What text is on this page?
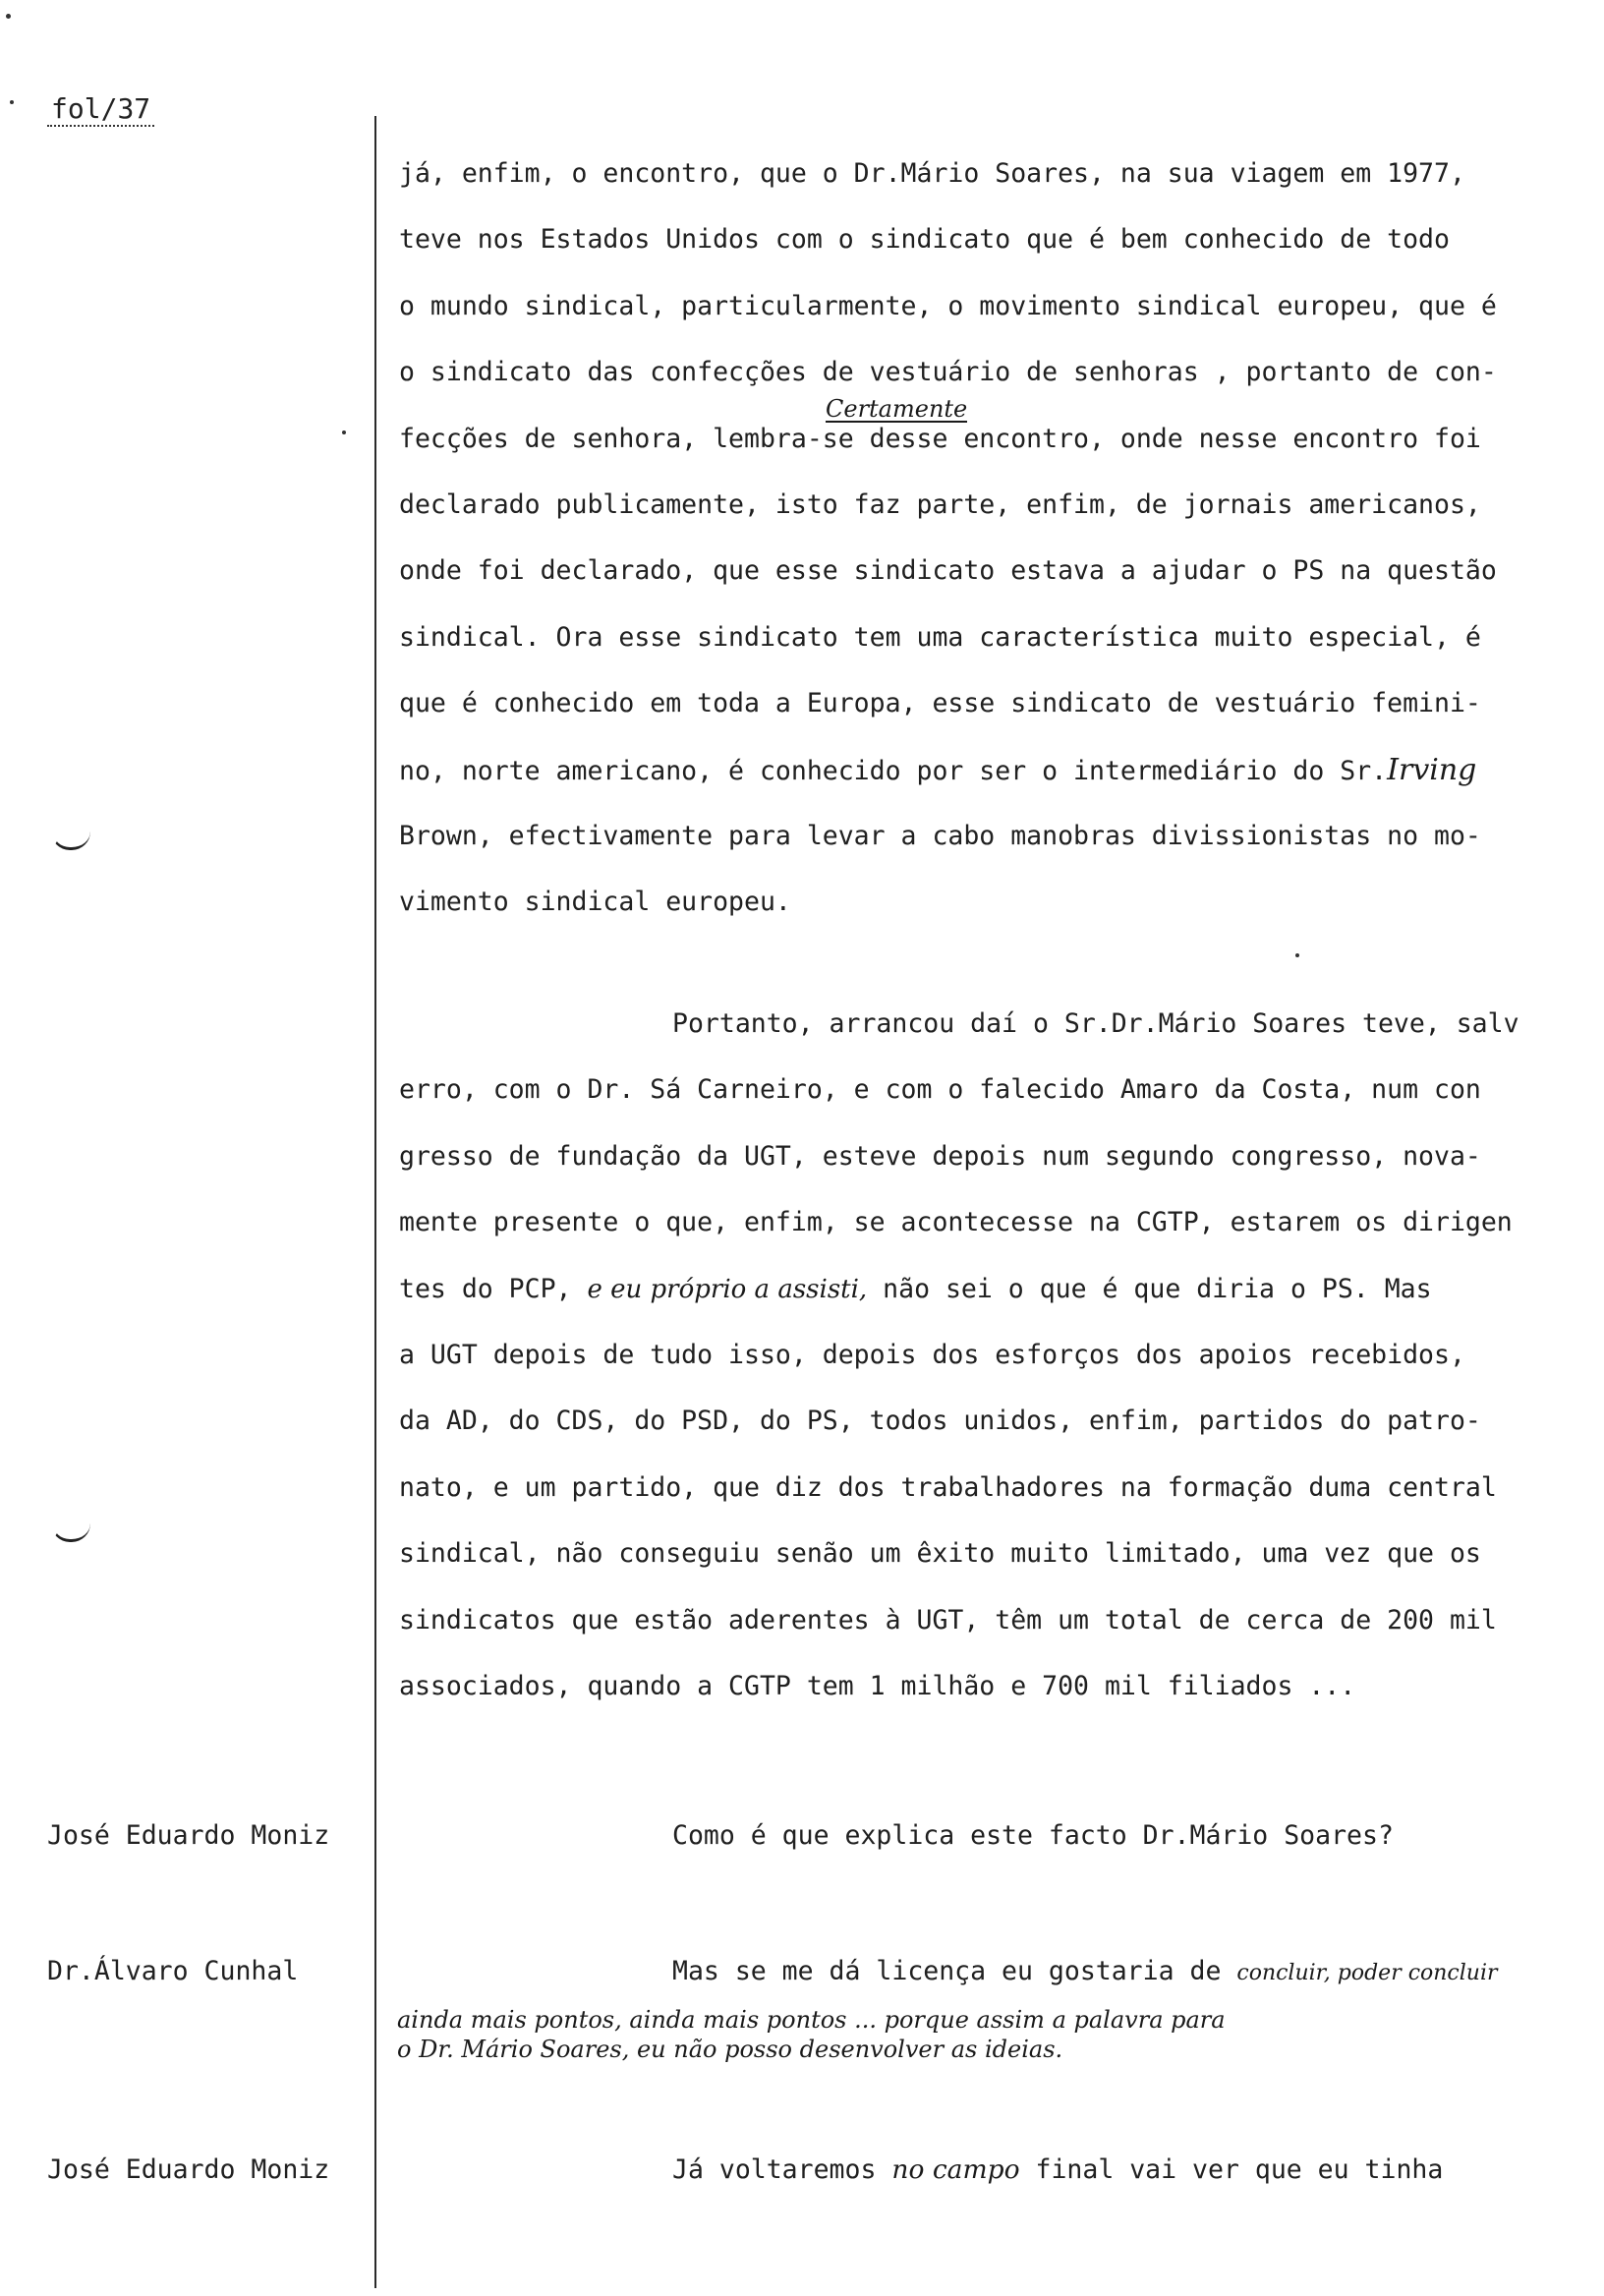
fol/37
já, enfim, o encontro, que o Dr.Mário Soares, na sua viagem em 1977,
teve nos Estados Unidos com o sindicato que é bem conhecido de todo
o mundo sindical, particularmente, o movimento sindical europeu, que é
o sindicato das confecções de vestuário de senhoras , portanto de con-
fecções de senhora, lembra-se desse encontro, onde nesse encontro foi
declarado publicamente, isto faz parte, enfim, de jornais americanos,
onde foi declarado, que esse sindicato estava a ajudar o PS na questão
sindical. Ora esse sindicato tem uma característica muito especial, é
que é conhecido em toda a Europa, esse sindicato de vestuário femini-
no, norte americano, é conhecido por ser o intermediário do Sr.Irving
Brown, efectivamente para levar a cabo manobras divissionistas no mo-
vimento sindical europeu.
Certamente
Portanto, arrancou daí o Sr.Dr.Mário Soares teve, salv
erro, com o Dr. Sá Carneiro, e com o falecido Amaro da Costa, num con
gresso de fundação da UGT, esteve depois num segundo congresso, nova-
mente presente o que, enfim, se acontecesse na CGTP, estarem os dirigen
tes do PCP, e eu próprio a assisti, não sei o que é que diria o PS. Mas
a UGT depois de tudo isso, depois dos esforços dos apoios recebidos,
da AD, do CDS, do PSD, do PS, todos unidos, enfim, partidos do patro-
nato, e um partido, que diz dos trabalhadores na formação duma central
sindical, não conseguiu senão um êxito muito limitado, uma vez que os
sindicatos que estão aderentes à UGT, têm um total de cerca de 200 mil
associados, quando a CGTP tem 1 milhão e 700 mil filiados ...
José Eduardo Moniz	Como é que explica este facto Dr.Mário Soares?
Dr.Álvaro Cunhal	Mas se me dá licença eu gostaria de concluir, poder concluir
ainda mais pontos, ainda mais pontos ... porque assim a palavra para
o Dr. Mário Soares, eu não posso desenvolver as ideias.
José Eduardo Moniz	Já voltaremos no campo final vai ver que eu tinha
